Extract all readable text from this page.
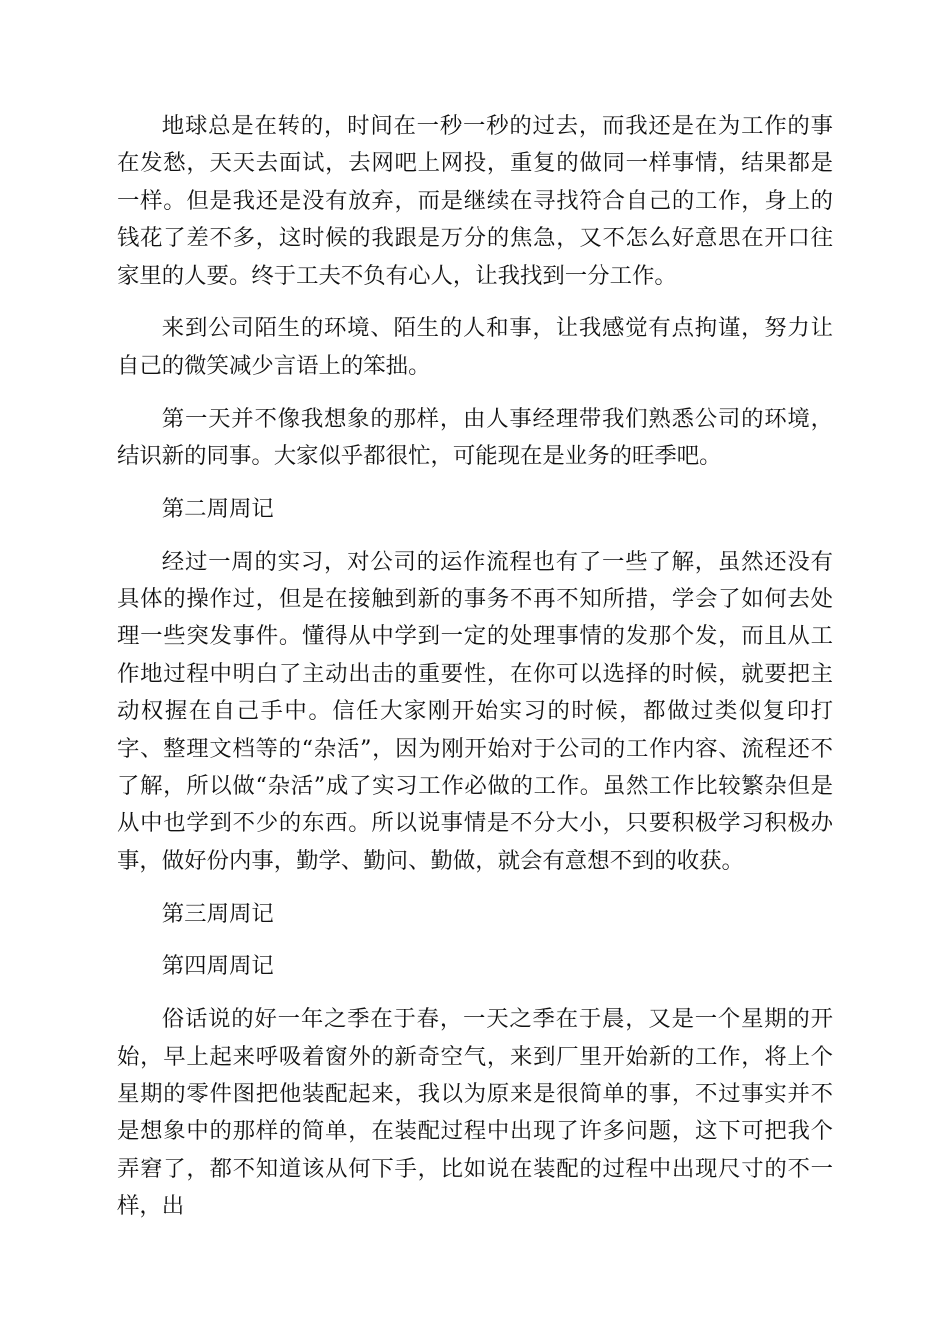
地球总是在转的，时间在一秒一秒的过去，而我还是在为工作的事在发愁，天天去面试，去网吧上网投，重复的做同一样事情，结果都是一样。但是我还是没有放弃，而是继续在寻找符合自己的工作，身上的钱花了差不多，这时候的我跟是万分的焦急，又不怎么好意思在开口往家里的人要。终于工夫不负有心人，让我找到一分工作。

来到公司陌生的环境、陌生的人和事，让我感觉有点拘谨，努力让自己的微笑减少言语上的笨拙。

第一天并不像我想象的那样，由人事经理带我们熟悉公司的环境，结识新的同事。大家似乎都很忙，可能现在是业务的旺季吧。

第二周周记

经过一周的实习，对公司的运作流程也有了一些了解，虽然还没有具体的操作过，但是在接触到新的事务不再不知所措，学会了如何去处理一些突发事件。懂得从中学到一定的处理事情的发那个发，而且从工作地过程中明白了主动出击的重要性，在你可以选择的时候，就要把主动权握在自己手中。信任大家刚开始实习的时候，都做过类似复印打字、整理文档等的“杂活”，因为刚开始对于公司的工作内容、流程还不了解，所以做“杂活”成了实习工作必做的工作。虽然工作比较繁杂但是从中也学到不少的东西。所以说事情是不分大小，只要积极学习积极办事，做好份内事，勤学、勤问、勤做，就会有意想不到的收获。

第三周周记

第四周周记

俗话说的好一年之季在于春，一天之季在于晨，又是一个星期的开始，早上起来呼吸着窗外的新奇空气，来到厂里开始新的工作，将上个星期的零件图把他装配起来，我以为原来是很简单的事，不过事实并不是想象中的那样的简单，在装配过程中出现了许多问题，这下可把我个弄窘了，都不知道该从何下手，比如说在装配的过程中出现尺寸的不一样，出
